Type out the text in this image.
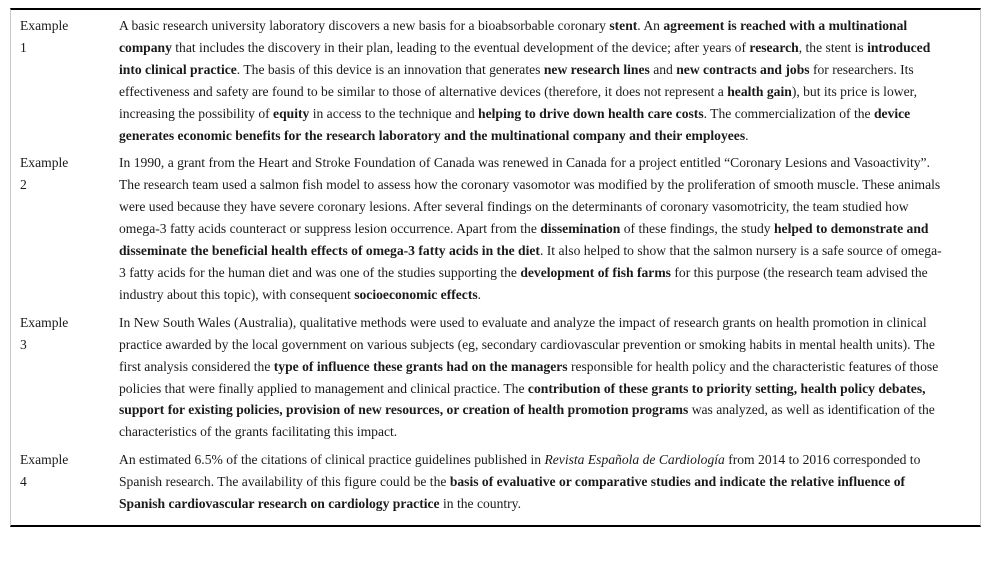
Example
1
A basic research university laboratory discovers a new basis for a bioabsorbable coronary stent. An agreement is reached with a multinational company that includes the discovery in their plan, leading to the eventual development of the device; after years of research, the stent is introduced into clinical practice. The basis of this device is an innovation that generates new research lines and new contracts and jobs for researchers. Its effectiveness and safety are found to be similar to those of alternative devices (therefore, it does not represent a health gain), but its price is lower, increasing the possibility of equity in access to the technique and helping to drive down health care costs. The commercialization of the device generates economic benefits for the research laboratory and the multinational company and their employees.
Example
2
In 1990, a grant from the Heart and Stroke Foundation of Canada was renewed in Canada for a project entitled “Coronary Lesions and Vasoactivity”. The research team used a salmon fish model to assess how the coronary vasomotor was modified by the proliferation of smooth muscle. These animals were used because they have severe coronary lesions. After several findings on the determinants of coronary vasomotricity, the team studied how omega-3 fatty acids counteract or suppress lesion occurrence. Apart from the dissemination of these findings, the study helped to demonstrate and disseminate the beneficial health effects of omega-3 fatty acids in the diet. It also helped to show that the salmon nursery is a safe source of omega-3 fatty acids for the human diet and was one of the studies supporting the development of fish farms for this purpose (the research team advised the industry about this topic), with consequent socioeconomic effects.
Example
3
In New South Wales (Australia), qualitative methods were used to evaluate and analyze the impact of research grants on health promotion in clinical practice awarded by the local government on various subjects (eg, secondary cardiovascular prevention or smoking habits in mental health units). The first analysis considered the type of influence these grants had on the managers responsible for health policy and the characteristic features of those policies that were finally applied to management and clinical practice. The contribution of these grants to priority setting, health policy debates, support for existing policies, provision of new resources, or creation of health promotion programs was analyzed, as well as identification of the characteristics of the grants facilitating this impact.
Example
4
An estimated 6.5% of the citations of clinical practice guidelines published in Revista Española de Cardiología from 2014 to 2016 corresponded to Spanish research. The availability of this figure could be the basis of evaluative or comparative studies and indicate the relative influence of Spanish cardiovascular research on cardiology practice in the country.
